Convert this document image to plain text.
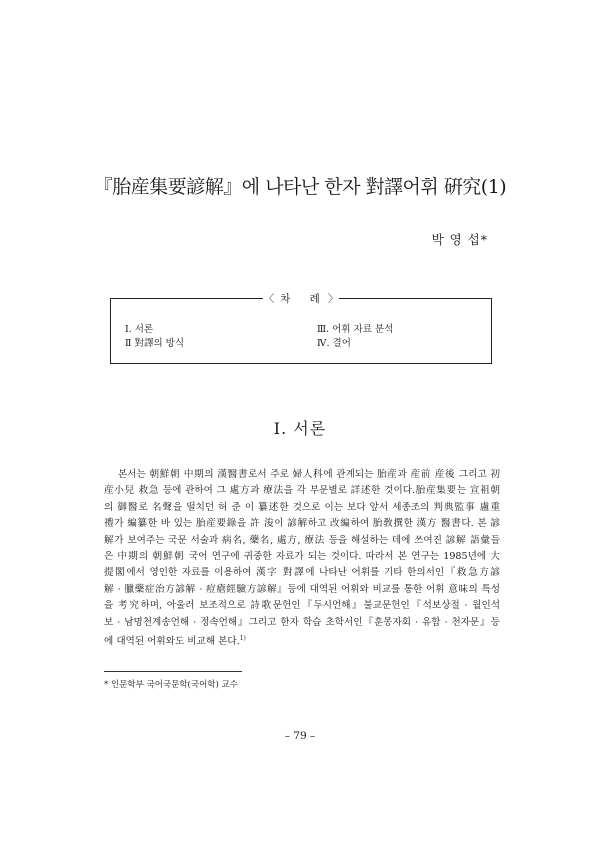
『胎産集要諺解』에 나타난 한자 對譯어휘 硏究(1)
박 영 섭*
〈 차 례〉
Ⅰ. 서론
Ⅱ 對譯의 방식
Ⅲ. 어휘 자료 분석
Ⅳ. 결어
Ⅰ. 서론
본서는 朝鮮朝 中期의 漢醫書로서 주로 婦人科에 관계되는 胎産과 産前 産後 그리고 初
産小兒 救急 등에 관하여 그 處方과 療法을 각 부문별로 詳述한 것이다.胎産集要는 宣祖朝
의 御醫로 名聲을 떨치던 허 준 이 纂述한 것으로 이는 보다 앞서 세종조의 判典監事 盧重
禮가 編纂한 바 있는 胎産要錄을 許 浚이 諺解하고 改編하여 胎敎撰한 漢方 醫書다. 본 諺
解가 보여주는 국문 서술과 病名, 藥名, 處方, 療法 등을 해설하는 데에 쓰여진 諺解 語彙들
은 中期의 朝鮮朝 국어 연구에 귀중한 자료가 되는 것이다. 따라서 본 연구는 1985년에 大
提閣에서 영인한 자료를 이용하여 漢字 對譯에 나타난 어휘를 기타 한의서인『救急方諺
解 · 臘藥症治方諺解 · 痘瘡經驗方諺解』등에 대역된 어휘와 비교를 통한 어휘 意味의 특성
을 考究하며, 아울러 보조적으로 詩歌문헌인『두시언해』불교문헌인『석보상절 · 월인석
보 · 남명천계송언해 · 정속언해』그리고 한자 학습 초학서인『훈몽자회 · 유합 · 천자문』등
에 대역된 어휘와도 비교해 본다.$^{1)}$
* 인문학부 국어국문학(국어학) 교수
– 79 –
